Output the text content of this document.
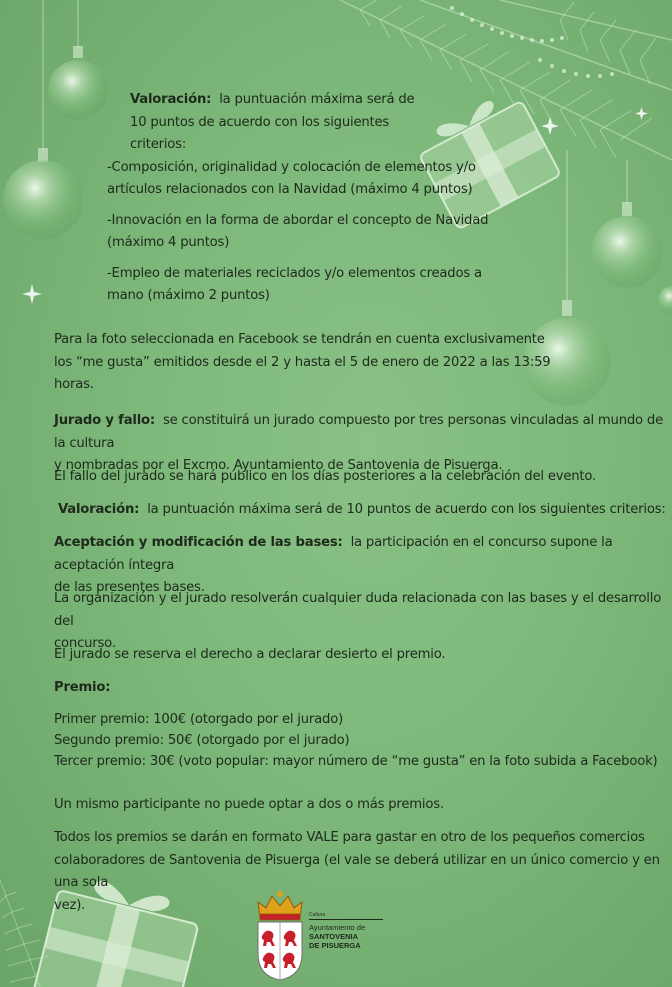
Valoración: la puntuación máxima será de

10 puntos de acuerdo con los siguientes

criterios:

-Composición, originalidad y colocación de elementos y/o

artículos relacionados con la Navidad (máximo 4 puntos)

-Innovación en la forma de abordar el concepto de Navidad

(máximo 4 puntos)

-Empleo de materiales reciclados y/o elementos creados a

mano (máximo 2 puntos)

Para la foto seleccionada en Facebook se tendrán en cuenta exclusivamente

los “me gusta” emitidos desde el 2 y hasta el 5 de enero de 2022 a las 13:59

horas.

Jurado y fallo: se constituirá un jurado compuesto por tres personas vinculadas al mundo de la cultura

y nombradas por el Excmo. Ayuntamiento de Santovenia de Pisuerga.

El fallo del jurado se hará público en los días posteriores a la celebración del evento.

Valoración: la puntuación máxima será de 10 puntos de acuerdo con los siguientes criterios:

Aceptación y modificación de las bases: la participación en el concurso supone la aceptación íntegra

de las presentes bases.

La organización y el jurado resolverán cualquier duda relacionada con las bases y el desarrollo del

concurso.

El jurado se reserva el derecho a declarar desierto el premio.

Premio:

Primer premio: 100€ (otorgado por el jurado)

Segundo premio: 50€ (otorgado por el jurado)

Tercer premio: 30€ (voto popular: mayor número de “me gusta” en la foto subida a Facebook)

Un mismo participante no puede optar a dos o más premios.

Todos los premios se darán en formato VALE para gastar en otro de los pequeños comercios

colaboradores de Santovenia de Pisuerga (el vale se deberá utilizar en un único comercio y en una sola

vez).

Cultura
Ayuntamiento de
SANTOVENIA
DE PISUERGA
